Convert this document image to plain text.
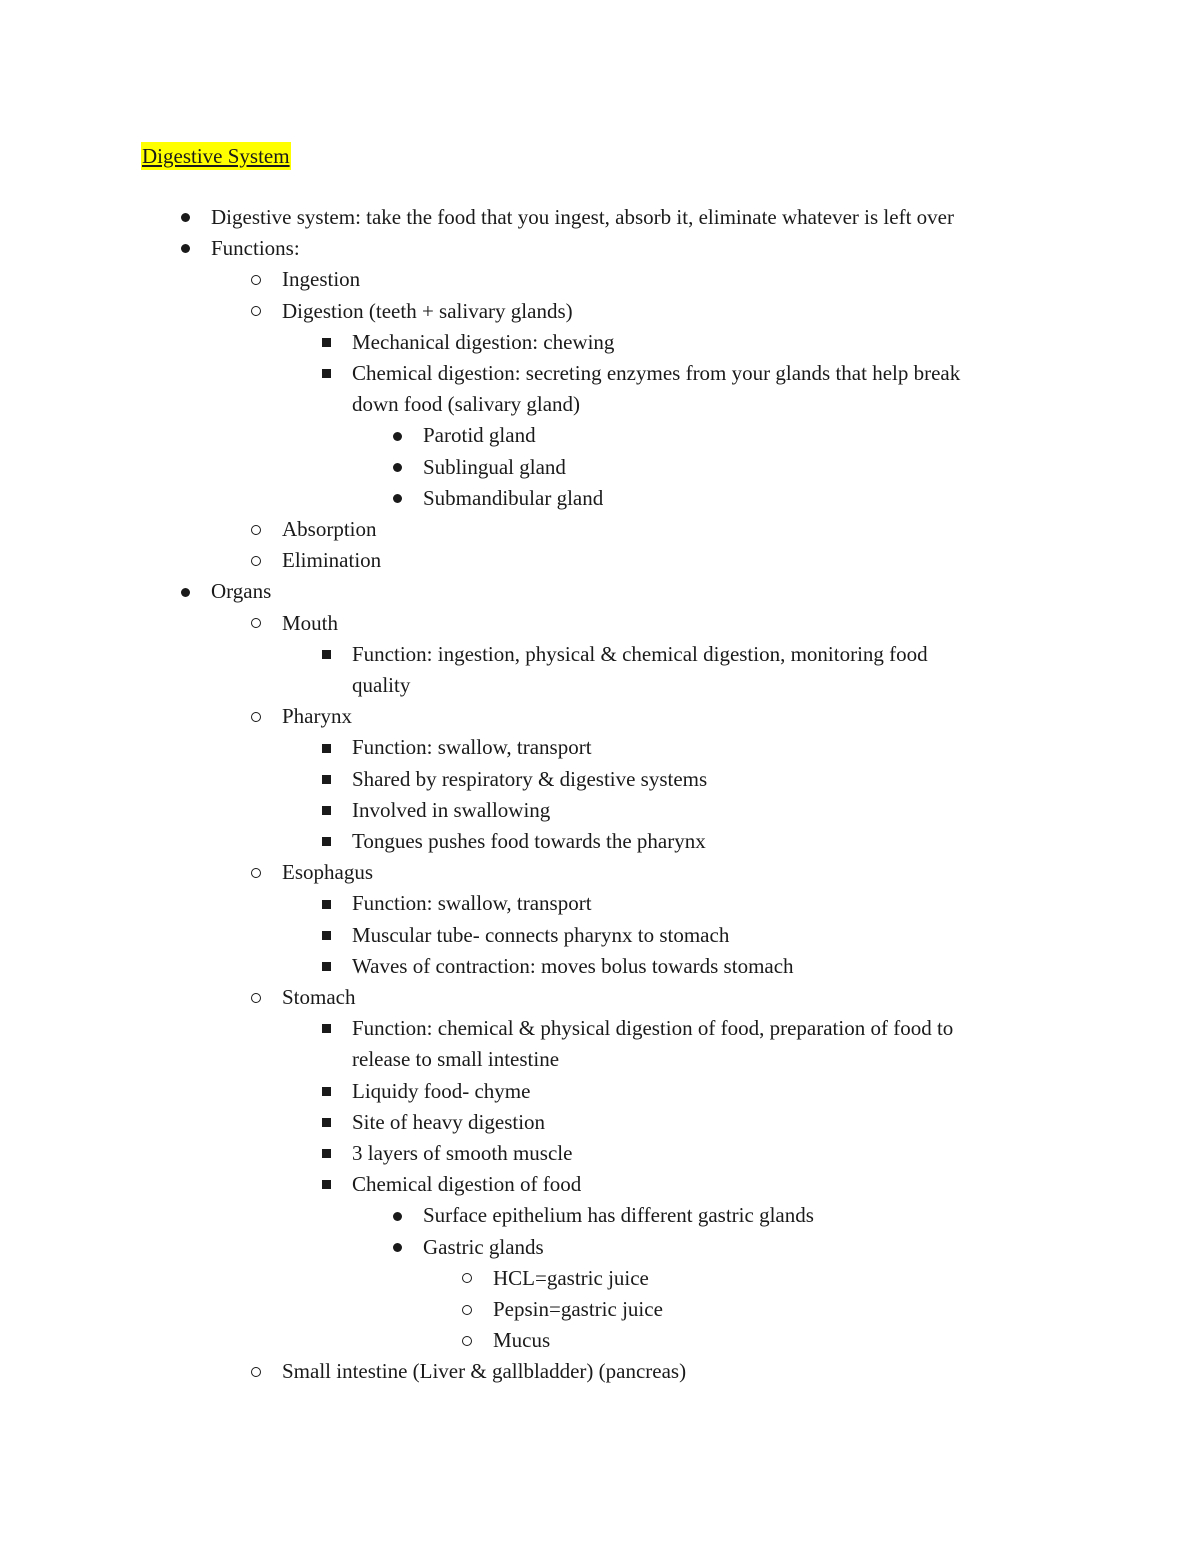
Digestive System
Digestive system: take the food that you ingest, absorb it, eliminate whatever is left over
Functions:
Ingestion
Digestion (teeth + salivary glands)
Mechanical digestion: chewing
Chemical digestion: secreting enzymes from your glands that help break
down food (salivary gland)
Parotid gland
Sublingual gland
Submandibular gland
Absorption
Elimination
Organs
Mouth
Function: ingestion, physical & chemical digestion, monitoring food
quality
Pharynx
Function: swallow, transport
Shared by respiratory & digestive systems
Involved in swallowing
Tongues pushes food towards the pharynx
Esophagus
Function: swallow, transport
Muscular tube- connects pharynx to stomach
Waves of contraction: moves bolus towards stomach
Stomach
Function: chemical & physical digestion of food, preparation of food to
release to small intestine
Liquidy food- chyme
Site of heavy digestion
3 layers of smooth muscle
Chemical digestion of food
Surface epithelium has different gastric glands
Gastric glands
HCL=gastric juice
Pepsin=gastric juice
Mucus
Small intestine (Liver & gallbladder) (pancreas)
